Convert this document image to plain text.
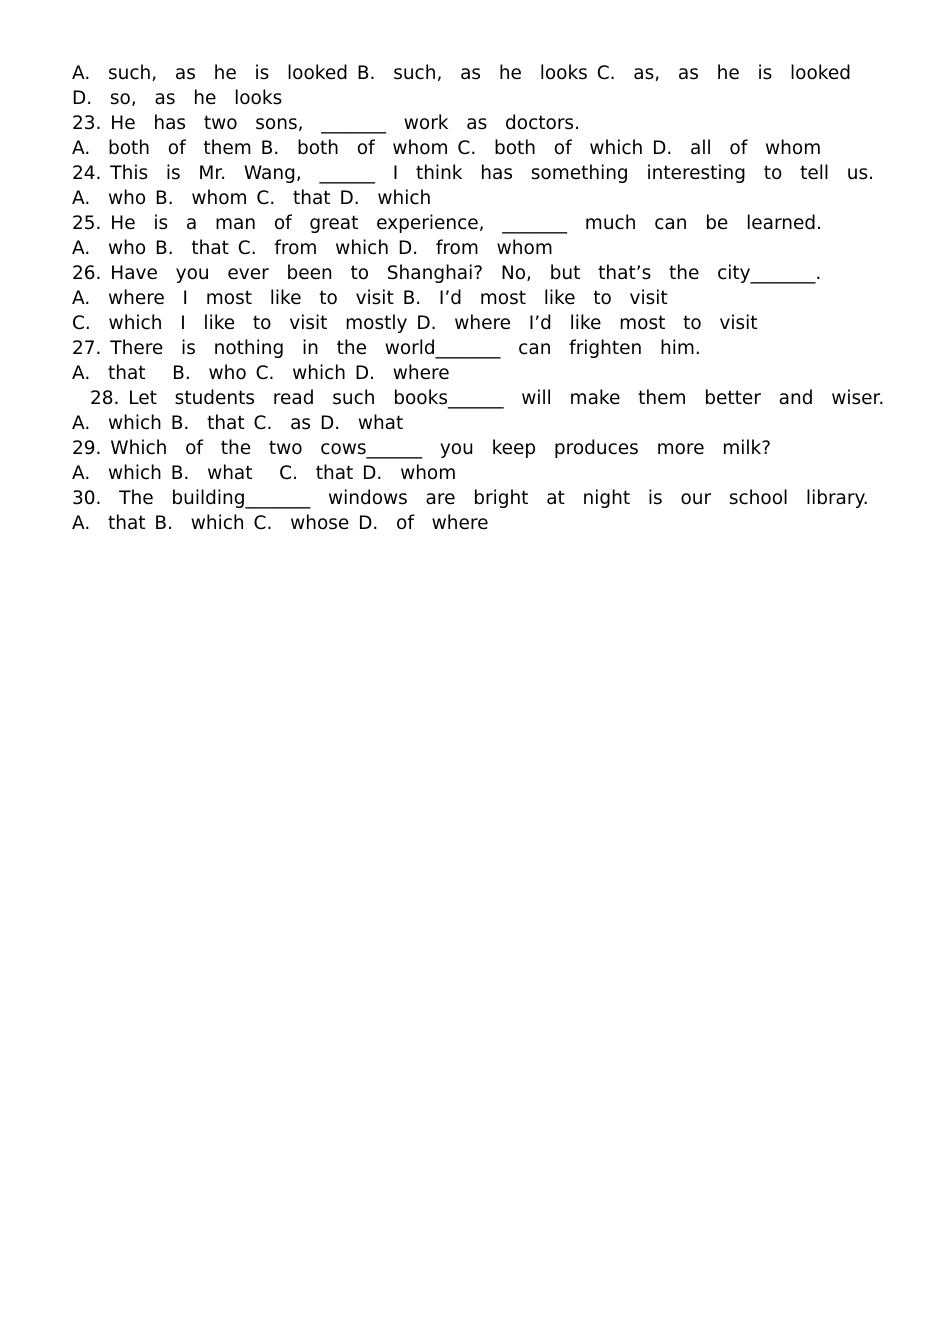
A.  such,  as  he  is  looked B.  such,  as  he  looks C.  as,  as  he  is  looked
D.  so,  as  he  looks
23. He  has  two  sons,  _______  work  as  doctors.
A.  both  of  them B.  both  of  whom C.  both  of  which D.  all  of  whom
24. This  is  Mr.  Wang,  ______  I  think  has  something  interesting  to  tell  us.
A.  who B.  whom C.  that D.  which
25. He  is  a  man  of  great  experience,  _______  much  can  be  learned.
A.  who B.  that C.  from  which D.  from  whom
26. Have  you  ever  been  to  Shanghai?  No,  but  that’s  the  city_______.
A.  where  I  most  like  to  visit B.  I’d  most  like  to  visit
C.  which  I  like  to  visit  mostly D.  where  I’d  like  most  to  visit
27. There  is  nothing  in  the  world_______  can  frighten  him.
A.  that   B.  who C.  which D.  where
28. Let  students  read  such  books______  will  make  them  better  and  wiser.
A.  which B.  that C.  as D.  what
29. Which  of  the  two  cows______  you  keep  produces  more  milk?
A.  which B.  what   C.  that D.  whom
30.  The  building_______  windows  are  bright  at  night  is  our  school  library.
A.  that B.  which C.  whose D.  of  where
